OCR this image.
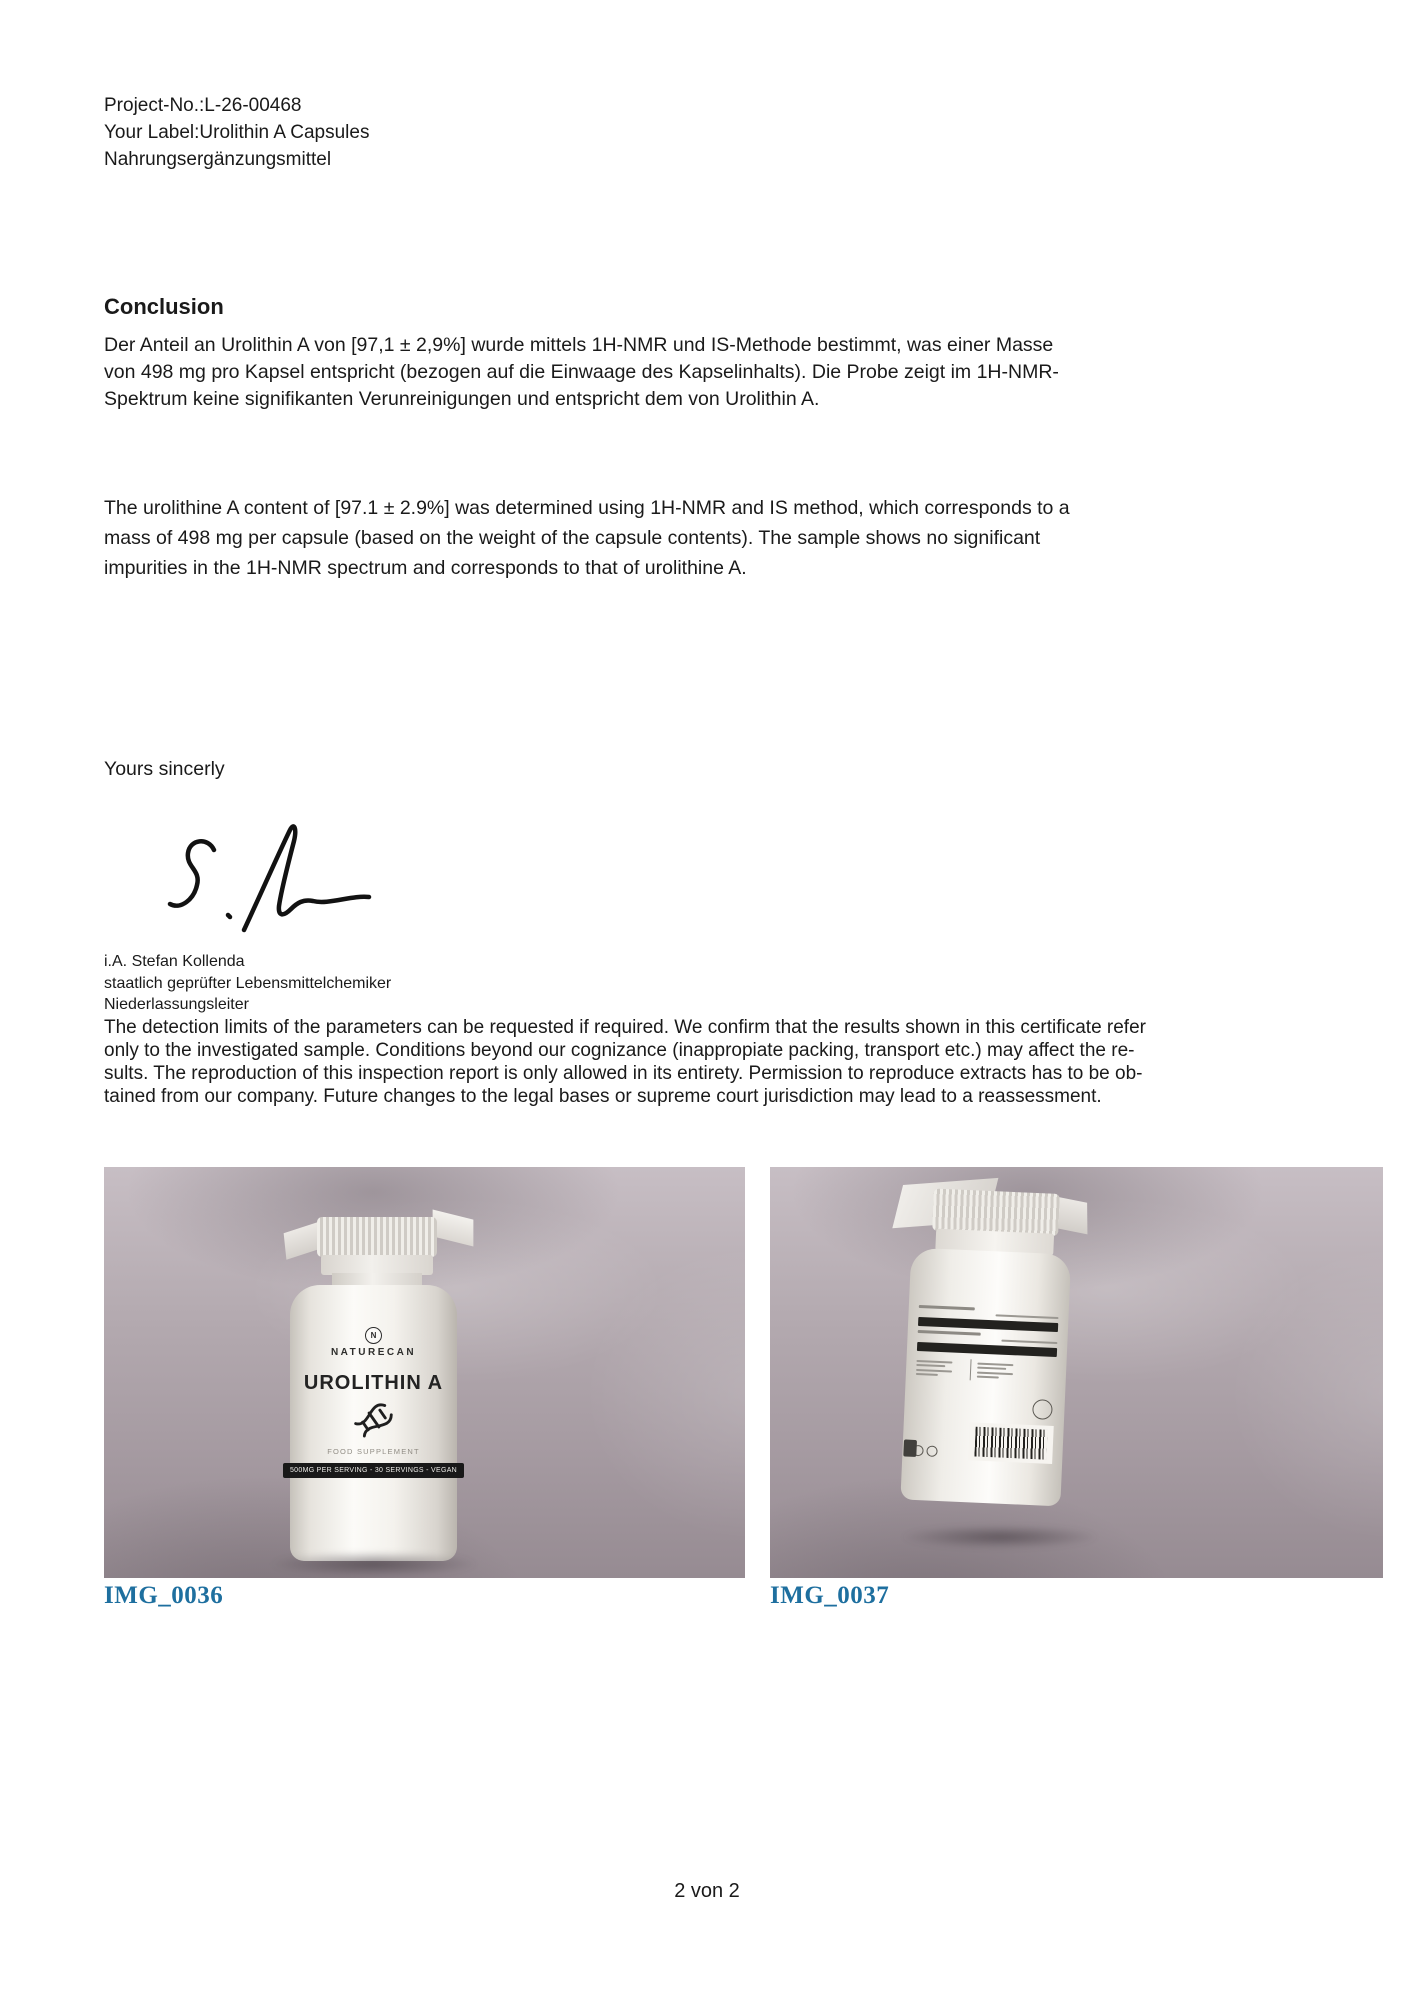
Project-No.:L-26-00468
Your Label:Urolithin A Capsules
Nahrungsergänzungsmittel
Conclusion
Der Anteil an Urolithin A von [97,1 ± 2,9%] wurde mittels 1H-NMR und IS-Methode bestimmt, was einer Masse
von 498 mg pro Kapsel entspricht (bezogen auf die Einwaage des Kapselinhalts). Die Probe zeigt im 1H-NMR-
Spektrum keine signifikanten Verunreinigungen und entspricht dem von Urolithin A.
The urolithine A content of [97.1 ± 2.9%] was determined using 1H-NMR and IS method, which corresponds to a
mass of 498 mg per capsule (based on the weight of the capsule contents). The sample shows no significant
impurities in the 1H-NMR spectrum and corresponds to that of urolithine A.
Yours sincerly
i.A. Stefan Kollenda
staatlich geprüfter Lebensmittelchemiker
Niederlassungsleiter
The detection limits of the parameters can be requested if required. We confirm that the results shown in this certificate refer
only to the investigated sample. Conditions beyond our cognizance (inappropiate packing, transport etc.) may affect the re-
sults. The reproduction of this inspection report is only allowed in its entirety. Permission to reproduce extracts has to be ob-
tained from our company. Future changes to the legal bases or supreme court jurisdiction may lead to a reassessment.
N
NATURECAN
UROLITHIN A
FOOD SUPPLEMENT
500MG PER SERVING - 30 SERVINGS - VEGAN
IMG_0036	IMG_0037
2 von 2
